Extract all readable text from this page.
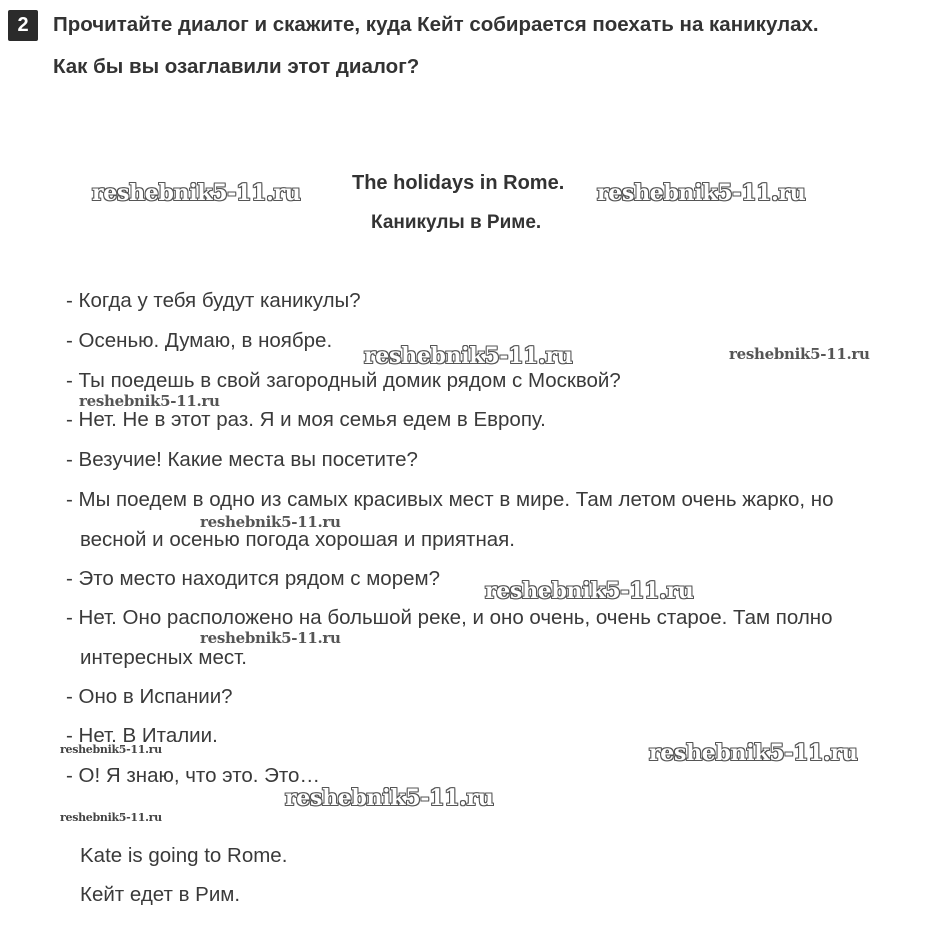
2	Прочитайте диалог и скажите, куда Кейт собирается поехать на каникулах.
Как бы вы озаглавили этот диалог?
The holidays in Rome.
Каникулы в Риме.
- Когда у тебя будут каникулы?
- Осенью. Думаю, в ноябре.
- Ты поедешь в свой загородный домик рядом с Москвой?
- Нет. Не в этот раз. Я и моя семья едем в Европу.
- Везучие! Какие места вы посетите?
- Мы поедем в одно из самых красивых мест в мире. Там летом очень жарко, но
весной и осенью погода хорошая и приятная.
- Это место находится рядом с морем?
- Нет. Оно расположено на большой реке, и оно очень, очень старое. Там полно
интересных мест.
- Оно в Испании?
- Нет. В Италии.
- О! Я знаю, что это. Это…
Kate is going to Rome.
Кейт едет в Рим.
reshebnik5-11.ru	reshebnik5-11.ru
reshebnik5-11.ru	reshebnik5-11.ru
reshebnik5-11.ru
reshebnik5-11.ru
reshebnik5-11.ru
reshebnik5-11.ru
reshebnik5-11.ru	reshebnik5-11.ru
reshebnik5-11.ru
reshebnik5-11.ru
